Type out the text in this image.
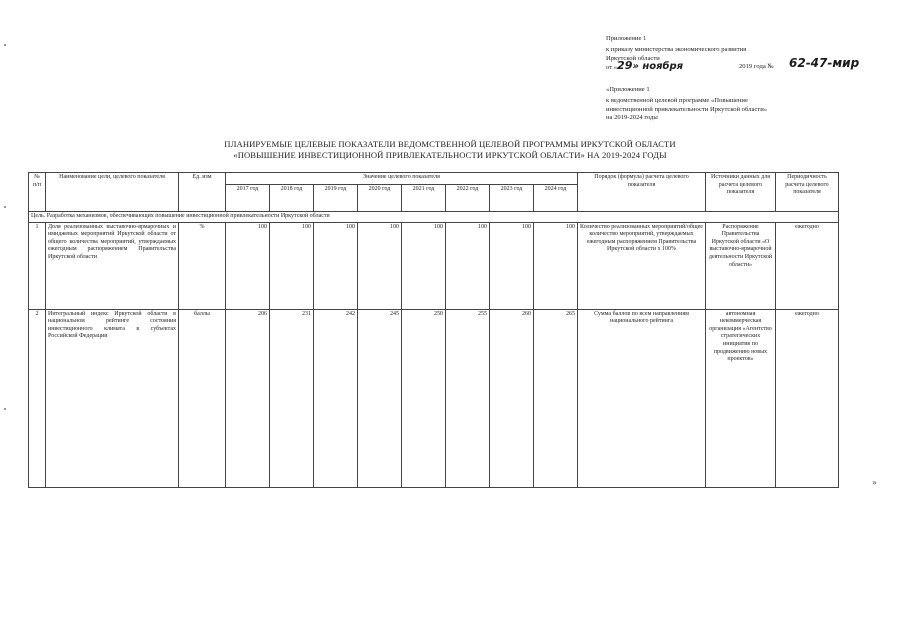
Приложение 1
к приказу министерства экономического развития
Иркутской области
от «29» ноября	2019 года № 62-47-мир
«Приложение 1
к ведомственной целевой программе «Повышение
инвестиционной привлекательности Иркутской области»
на 2019-2024 годы
ПЛАНИРУЕМЫЕ ЦЕЛЕВЫЕ ПОКАЗАТЕЛИ ВЕДОМСТВЕННОЙ ЦЕЛЕВОЙ ПРОГРАММЫ ИРКУТСКОЙ ОБЛАСТИ
«ПОВЫШЕНИЕ ИНВЕСТИЦИОННОЙ ПРИВЛЕКАТЕЛЬНОСТИ ИРКУТСКОЙ ОБЛАСТИ» НА 2019-2024 ГОДЫ
№ п/п	Наименование цели, целевого показателя	Ед. изм	Значение целевого показателя								Порядок (формула) расчета целевого показателя	Источники данных для расчета целевого показателя	Периодичность расчета целевого показателя
			2017 год	2018 год	2019 год	2020 год	2021 год	2022 год	2023 год	2024 год			
Цель. Разработка механизмов, обеспечивающих повышение инвестиционной привлекательности Иркутской области													
1	Доля реализованных выставочно-ярмарочных и имиджевых мероприятий Иркутской области от общего количества мероприятий, утверждаемых ежегодным распоряжением Правительства Иркутской области	%	100	100	100	100	100	100	100	100	Количество реализованных мероприятий/общее количество мероприятий, утверждаемых ежегодным распоряжением Правительства Иркутской области х 100%	Распоряжение Правительства Иркутской области «О выставочно-ярмарочной деятельности Иркутской области»	ежегодно
2	Интегральный индекс Иркутской области в национальном рейтинге состояния инвестиционного климата в субъектах Российской Федерации	баллы	206	231	242	245	250	255	260	265	Сумма баллов по всем направлениям национального рейтинга	автономная некоммерческая организация «Агентство стратегических инициатив по продвижению новых проектов»	ежегодно
»
